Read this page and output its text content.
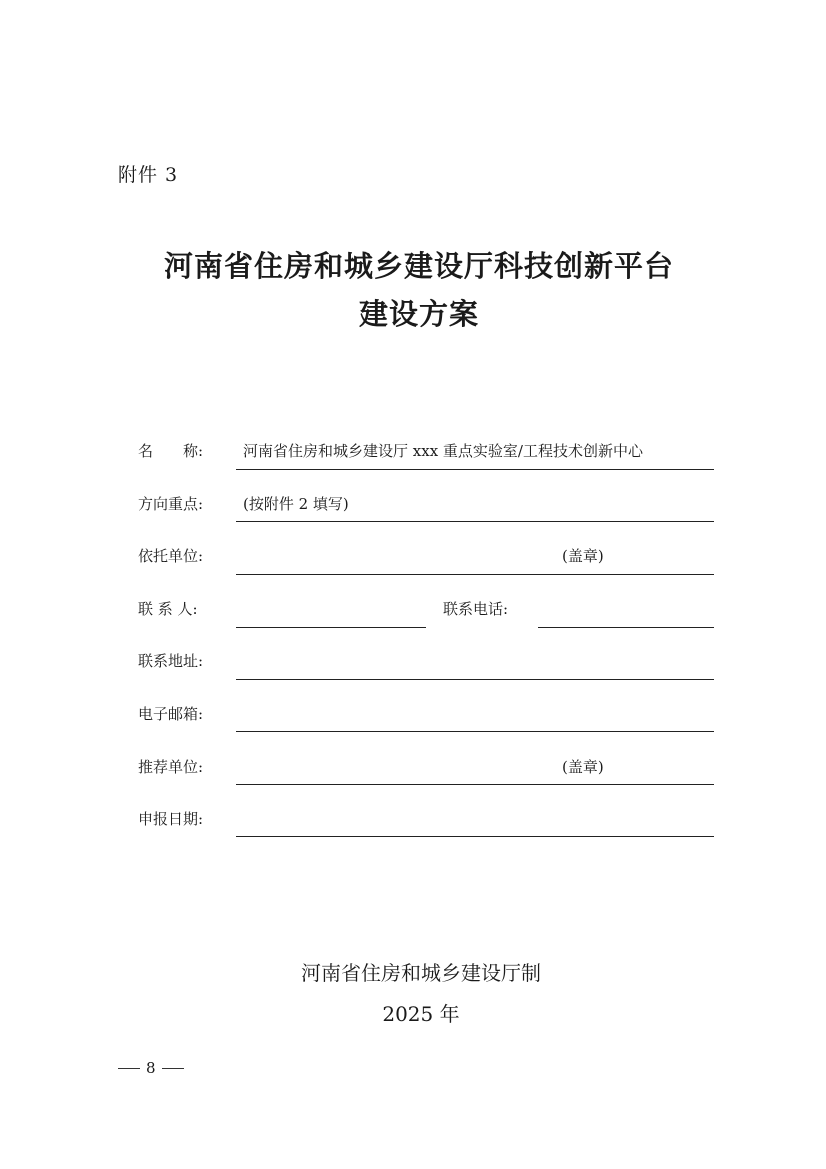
附件 3
河南省住房和城乡建设厅科技创新平台
建设方案
名　　称:	河南省住房和城乡建设厅 xxx 重点实验室/工程技术创新中心
方向重点:	(按附件 2 填写)
依托单位:	(盖章)
联 系 人:	联系电话:
联系地址:
电子邮箱:
推荐单位:	(盖章)
申报日期:
河南省住房和城乡建设厅制
2025 年
8
